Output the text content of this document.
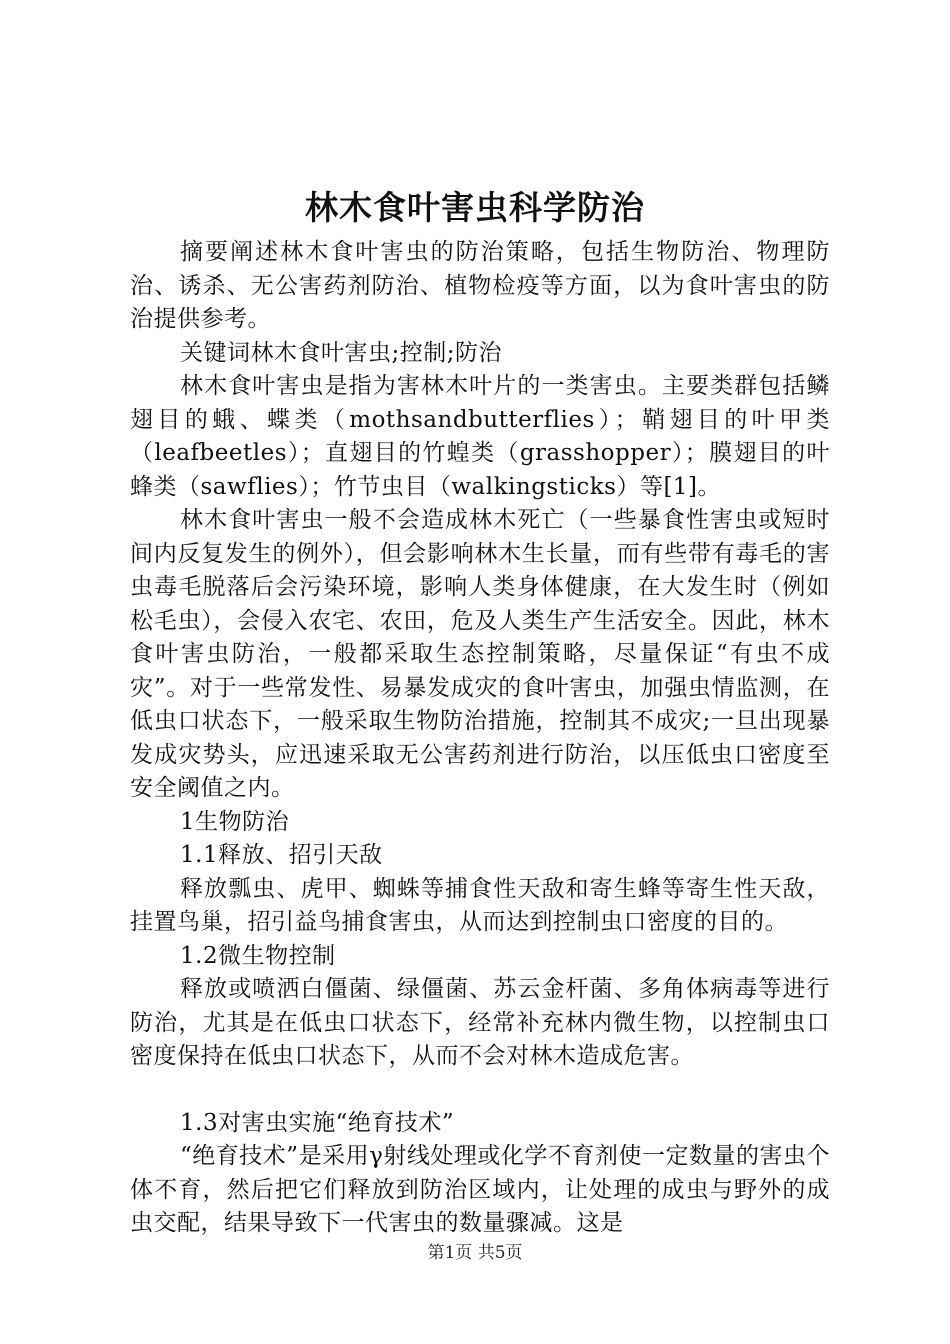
林木食叶害虫科学防治

摘要阐述林木食叶害虫的防治策略，包括生物防治、物理防治、诱杀、无公害药剂防治、植物检疫等方面，以为食叶害虫的防治提供参考。

关键词林木食叶害虫;控制;防治

林木食叶害虫是指为害林木叶片的一类害虫。主要类群包括鳞翅目的蛾、蝶类（mothsandbutterflies）；鞘翅目的叶甲类（leafbeetles）；直翅目的竹蝗类（grasshopper）；膜翅目的叶蜂类（sawflies）；竹节虫目（walkingsticks）等[1]。

林木食叶害虫一般不会造成林木死亡（一些暴食性害虫或短时间内反复发生的例外），但会影响林木生长量，而有些带有毒毛的害虫毒毛脱落后会污染环境，影响人类身体健康，在大发生时（例如松毛虫），会侵入农宅、农田，危及人类生产生活安全。因此，林木食叶害虫防治，一般都采取生态控制策略，尽量保证“有虫不成灾”。对于一些常发性、易暴发成灾的食叶害虫，加强虫情监测，在低虫口状态下，一般采取生物防治措施，控制其不成灾;一旦出现暴发成灾势头，应迅速采取无公害药剂进行防治，以压低虫口密度至安全阈值之内。

1生物防治

1.1释放、招引天敌

释放瓢虫、虎甲、蜘蛛等捕食性天敌和寄生蜂等寄生性天敌，挂置鸟巢，招引益鸟捕食害虫，从而达到控制虫口密度的目的。

1.2微生物控制

释放或喷洒白僵菌、绿僵菌、苏云金杆菌、多角体病毒等进行防治，尤其是在低虫口状态下，经常补充林内微生物，以控制虫口密度保持在低虫口状态下，从而不会对林木造成危害。

1.3对害虫实施“绝育技术”

“绝育技术”是采用γ射线处理或化学不育剂使一定数量的害虫个体不育，然后把它们释放到防治区域内，让处理的成虫与野外的成虫交配，结果导致下一代害虫的数量骤减。这是

第1页 共5页
